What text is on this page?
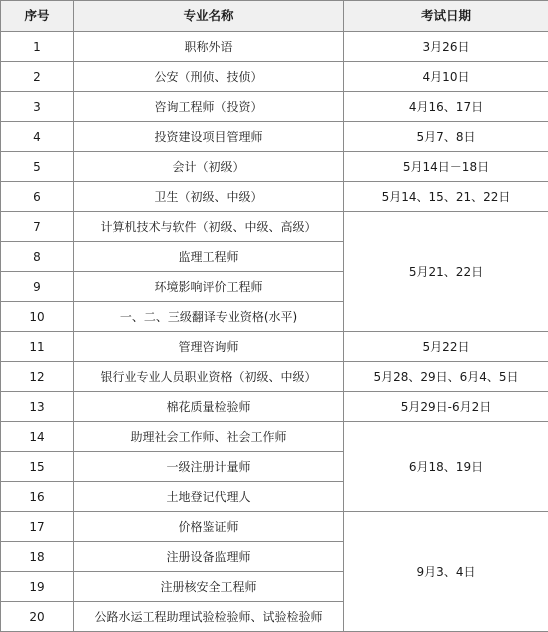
序号	专业名称	考试日期
1	职称外语	3月26日
2	公安（刑侦、技侦）	4月10日
3	咨询工程师（投资）	4月16、17日
4	投资建设项目管理师	5月7、8日
5	会计（初级）	5月14日－18日
6	卫生（初级、中级）	5月14、15、21、22日
7	计算机技术与软件（初级、中级、高级）	5月21、22日
8	监理工程师	
9	环境影响评价工程师	
10	一、二、三级翻译专业资格(水平)	
11	管理咨询师	5月22日
12	银行业专业人员职业资格（初级、中级）	5月28、29日、6月4、5日
13	棉花质量检验师	5月29日-6月2日
14	助理社会工作师、社会工作师	6月18、19日
15	一级注册计量师	
16	土地登记代理人	
17	价格鉴证师	9月3、4日
18	注册设备监理师	
19	注册核安全工程师	
20	公路水运工程助理试验检验师、试验检验师	
